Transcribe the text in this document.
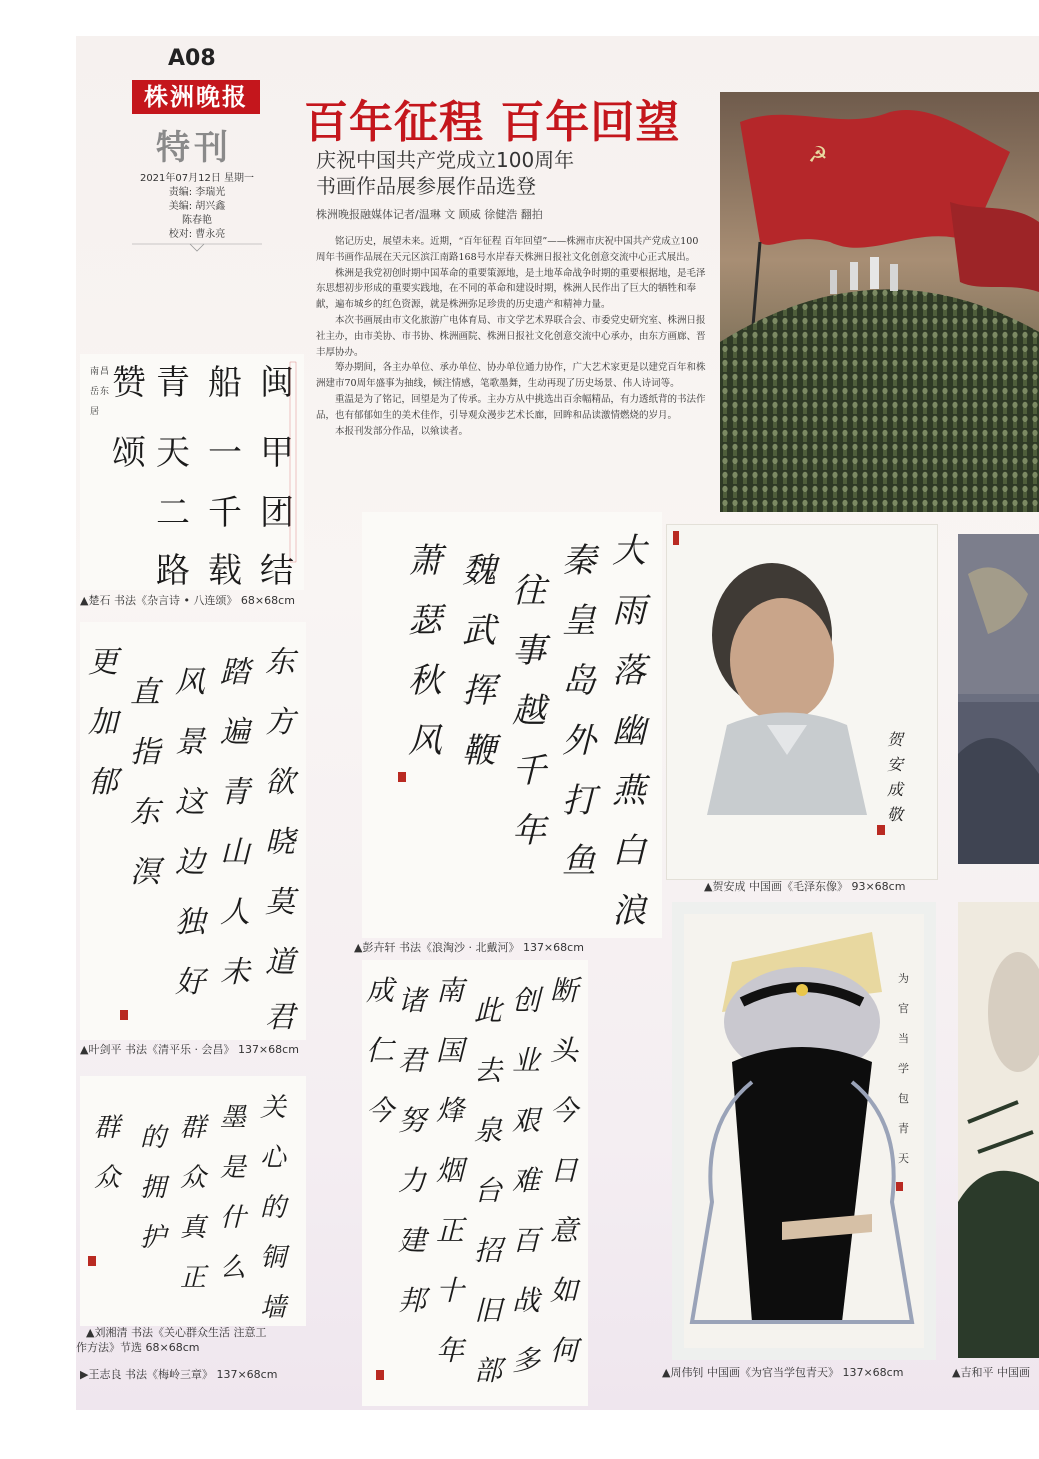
A08
株洲晚报
特刊
2021年07月12日 星期一
责编: 李瑞光
美编: 胡兴鑫
陈春艳
校对: 曹永亮
百年征程 百年回望
庆祝中国共产党成立100周年
书画作品展参展作品选登
株洲晚报融媒体记者/温琳 文 顾威 徐健浩 翻拍

铭记历史，展望未来。近期，“百年征程 百年回望”——株洲市庆祝中国共产党成立100周年书画作品展在天元区滨江南路168号水岸春天株洲日报社文化创意交流中心正式展出。

株洲是我党初创时期中国革命的重要策源地，是土地革命战争时期的重要根据地，是毛泽东思想初步形成的重要实践地，在不同的革命和建设时期，株洲人民作出了巨大的牺牲和奉献，遍布城乡的红色资源，就是株洲弥足珍贵的历史遗产和精神力量。

本次书画展由市文化旅游广电体育局、市文学艺术界联合会、市委党史研究室、株洲日报社主办，由市美协、市书协、株洲画院、株洲日报社文化创意交流中心承办，由东方画廊、晋丰厚协办。

筹办期间，各主办单位、承办单位、协办单位通力协作，广大艺术家更是以建党百年和株洲建市70周年盛事为抽线，倾注情感，笔歌墨舞，生动再现了历史场景、伟人诗词等。

重温是为了铭记，回望是为了传承。主办方从中挑选出百余幅精品，有力透纸背的书法作品，也有郁郁如生的美术佳作，引导观众漫步艺术长廊，回眸和品读激情燃烧的岁月。

本报刊发部分作品，以飨读者。

☭
闽
甲
团
结
船
一
千
载
青
天
二
路
赞
颂
南
岳
居
昌
东
▲楚石 书法《杂言诗 • 八连颂》 68×68cm
东
方
欲
晓
莫
道
君
踏
遍
青
山
人
未
风
景
这
边
独
好
直
指
东
溟
更
加
郁
▲叶剑平 书法《清平乐 · 会昌》 137×68cm
关
心
的
铜
墙
墨
是
什
么
群
众
真
正
的
拥
护
群
众
▲刘湘清 书法《关心群众生活 注意工
作方法》节选 68×68cm
▶王志良 书法《梅岭三章》 137×68cm
大
雨
落
幽
燕
白
浪
秦
皇
岛
外
打
鱼
往
事
越
千
年
魏
武
挥
鞭
萧
瑟
秋
风
▲彭卉轩 书法《浪淘沙 · 北戴河》 137×68cm
断
头
今
日
意
如
何
创
业
艰
难
百
战
多
此
去
泉
台
招
旧
部
南
国
烽
烟
正
十
年
诸
君
努
力
建
邦
成
仁
今
贺
安
成
敬
▲贺安成 中国画《毛泽东像》 93×68cm
为
官
当
学
包
青
天
▲周伟钊 中国画《为官当学包青天》 137×68cm	▲吉和平 中国画
